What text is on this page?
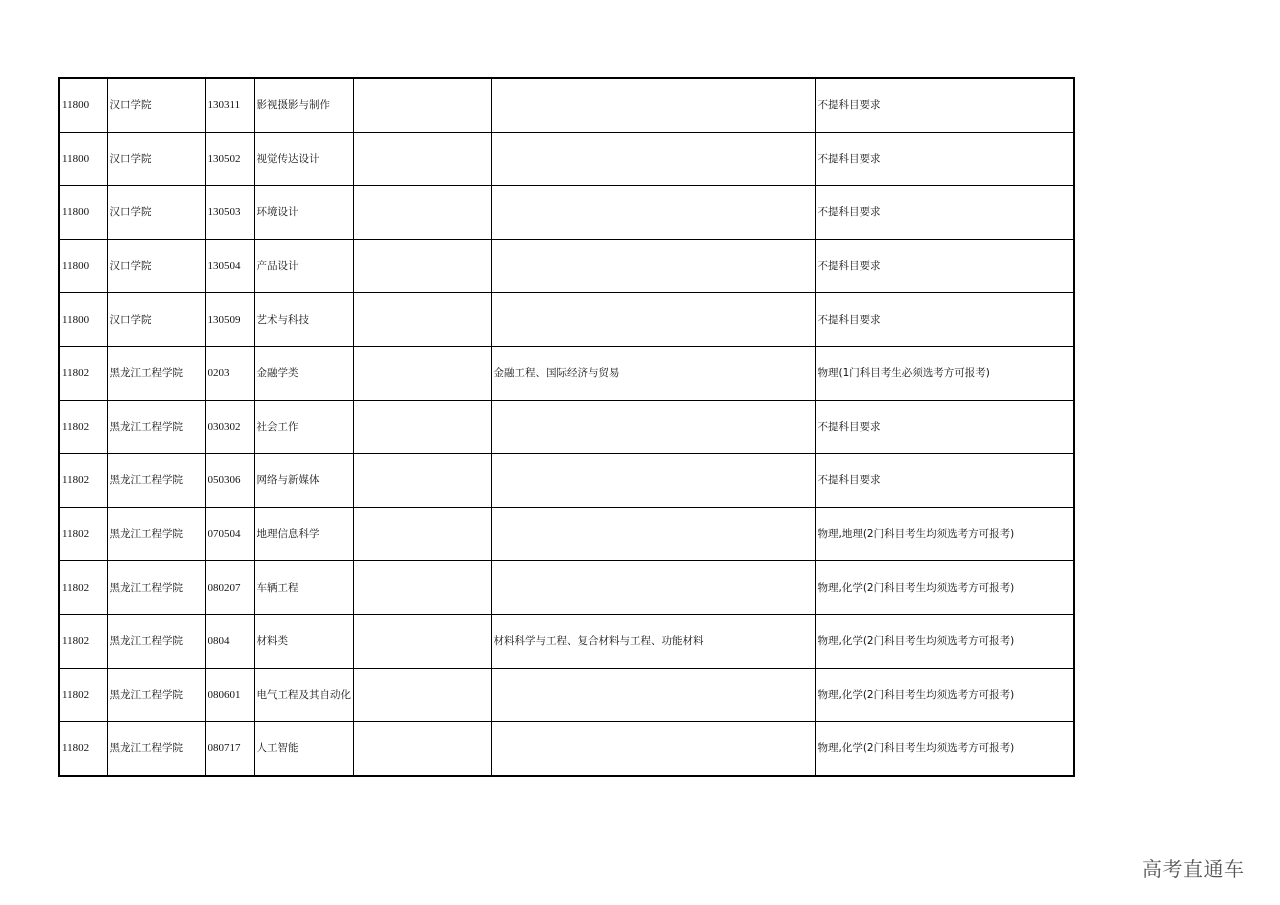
11800	汉口学院	130311	影视摄影与制作			不提科目要求
11800	汉口学院	130502	视觉传达设计			不提科目要求
11800	汉口学院	130503	环境设计			不提科目要求
11800	汉口学院	130504	产品设计			不提科目要求
11800	汉口学院	130509	艺术与科技			不提科目要求
11802	黑龙江工程学院	0203	金融学类		金融工程、国际经济与贸易	物理(1门科目考生必须选考方可报考)
11802	黑龙江工程学院	030302	社会工作			不提科目要求
11802	黑龙江工程学院	050306	网络与新媒体			不提科目要求
11802	黑龙江工程学院	070504	地理信息科学			物理,地理(2门科目考生均须选考方可报考)
11802	黑龙江工程学院	080207	车辆工程			物理,化学(2门科目考生均须选考方可报考)
11802	黑龙江工程学院	0804	材料类		材料科学与工程、复合材料与工程、功能材料	物理,化学(2门科目考生均须选考方可报考)
11802	黑龙江工程学院	080601	电气工程及其自动化			物理,化学(2门科目考生均须选考方可报考)
11802	黑龙江工程学院	080717	人工智能			物理,化学(2门科目考生均须选考方可报考)
高考直通车
